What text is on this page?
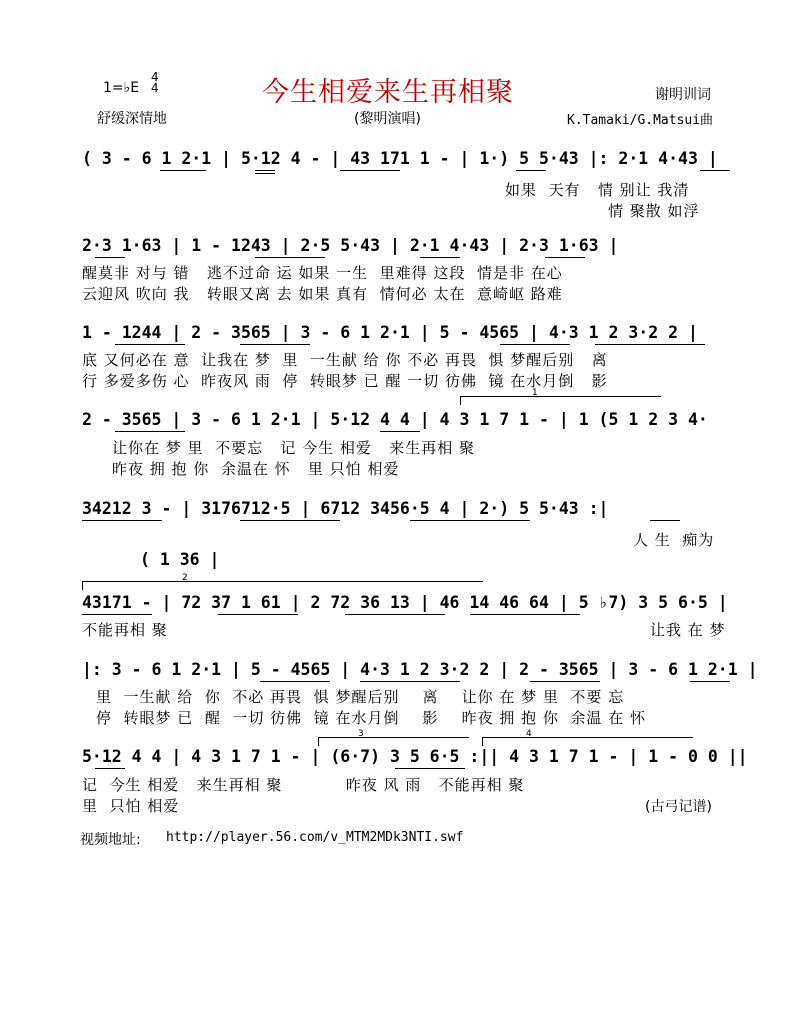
1=♭E
4
4	今生相爱来生再相聚	谢明训词
舒缓深情地	(黎明演唱)	K.Tamaki/G.Matsui曲
( 3 - 6 1 2·1 | 5·12 4 - | 43 171 1 - | 1·) 5 5·43 |: 2·1 4·43 |
如果  天有   情 别让 我清
情 聚散 如浮
2·3 1·63 | 1 - 1243 | 2·5 5·43 | 2·1 4·43 | 2·3 1·63 |
醒莫非 对与 错   逃不过命 运 如果 一生  里难得 这段  情是非 在心
云迎风 吹向 我   转眼又离 去 如果 真有  情何必 太在  意崎岖 路难
1 - 1244 | 2 - 3565 | 3 - 6 1 2·1 | 5 - 4565 | 4·3 1 2 3·2 2 |
底 又何必在 意  让我在 梦  里  一生献 给 你 不必 再畏  惧 梦醒后别   离
行 多爱多伤 心  昨夜风 雨  停  转眼梦 已 醒 一切 彷佛  镜 在水月倒   影
1
2 - 3565 | 3 - 6 1 2·1 | 5·12 4 4 | 4 3 1 7 1 - | 1 (5 1 2 3 4·
让你在 梦 里  不要忘   记 今生 相爱   来生再相 聚
昨夜 拥 抱 你  余温在 怀   里 只怕 相爱
34212 3 - | 3176712·5 | 6712 3456·5 4 | 2·) 5 5·43 :|
人 生  痴为
( 1 36 |
2
43171 - | 72 37 1 61 | 2 72 36 13 | 46 14 46 64 | 5 ♭7) 3 5 6·5 |
不能再相 聚	让我 在 梦
|: 3 - 6 1 2·1 | 5 - 4565 | 4·3 1 2 3·2 2 | 2 - 3565 | 3 - 6 1 2·1 |
里  一生献 给  你  不必 再畏  惧 梦醒后别    离    让你 在 梦 里  不要 忘
停  转眼梦 已  醒  一切 彷佛  镜 在水月倒    影    昨夜 拥 抱 你  余温 在 怀
3	4
5·12 4 4 | 4 3 1 7 1 - | (6·7) 3 5 6·5 :|| 4 3 1 7 1 - | 1 - 0 0 ||
记  今生 相爱   来生再相 聚           昨夜 风 雨   不能再相 聚
里  只怕 相爱	(古弓记谱)
视频地址: http://player.56.com/v_MTM2MDk3NTI.swf
